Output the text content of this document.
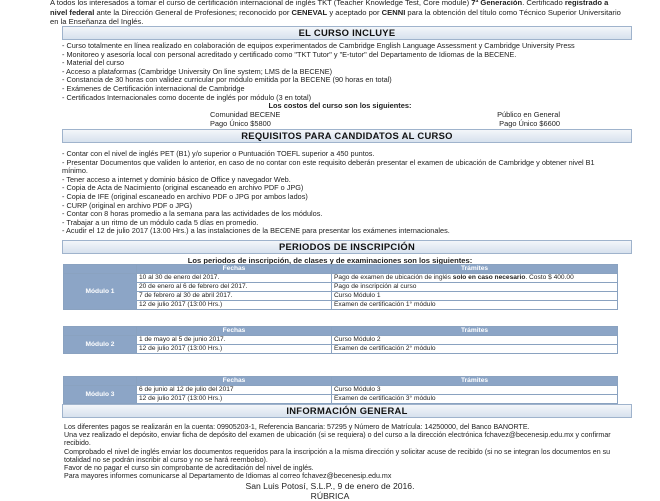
A todos los interesados a tomar el curso de certificación internacional de inglés TKT (Teacher Knowledge Test, Core module) 7ª Generación. Certificado registrado a nivel federal ante la Dirección General de Profesiones; reconocido por CENEVAL y aceptado por CENNI para la obtención del título como Técnico Superior Universitario en la Enseñanza del Inglés.
EL CURSO INCLUYE
- Curso totalmente en línea realizado en colaboración de equipos experimentados de Cambridge English Language Assessment y Cambridge University Press
- Monitoreo y asesoría local con personal acreditado y certificado como "TKT Tutor" y "E-tutor" del Departamento de Idiomas de la BECENE.
- Material del curso
- Acceso a plataformas (Cambridge University On line system; LMS de la BECENE)
- Constancia de 30 horas con validez curricular por módulo emitida por la BECENE (90 horas en total)
- Exámenes de Certificación internacional de Cambridge
- Certificados Internacionales como docente de inglés por módulo (3 en total)
Los costos del curso son los siguientes:
Comunidad BECENE	Público en General
Pago Único $5800	Pago Único $6600
REQUISITOS PARA CANDIDATOS AL CURSO
- Contar con el nivel de inglés PET (B1) y/o superior o Puntuación TOEFL superior a 450 puntos.
- Presentar Documentos que validen lo anterior, en caso de no contar con este requisito deberán presentar el examen de ubicación de Cambridge y obtener nivel B1 mínimo.
- Tener acceso a internet y dominio básico de Office y navegador Web.
- Copia de Acta de Nacimiento (original escaneado en archivo PDF o JPG)
- Copia de IFE (original escaneado en archivo PDF o JPG por ambos lados)
- CURP (original en archivo PDF o JPG)
- Contar con 8 horas promedio a la semana para las actividades de los módulos.
- Trabajar a un ritmo de un módulo cada 5 días en promedio.
- Acudir el 12 de julio 2017 (13:00 Hrs.) a las instalaciones de la BECENE para presentar los exámenes internacionales.
PERIODOS DE INSCRIPCIÓN
Los periodos de inscripción, de clases y de examinaciones son los siguientes:
	Fechas	Trámites
Módulo 1	10 al 30 de enero del 2017.	Pago de examen de ubicación de inglés solo en caso necesario. Costo $ 400.00
	20 de enero al 6 de febrero del 2017.	Pago de inscripción al curso
	7 de febrero al 30 de abril 2017.	Curso Módulo 1
	12 de julio 2017 (13:00 Hrs.)	Examen de certificación 1° módulo
	Fechas	Trámites
Módulo 2	1 de mayo al 5 de junio 2017.	Curso Módulo 2
	12 de julio 2017 (13:00 Hrs.)	Examen de certificación 2° módulo
	Fechas	Trámites
Módulo 3	6 de junio al 12 de julio del 2017	Curso Módulo 3
	12 de julio 2017 (13:00 Hrs.)	Examen de certificación 3° módulo
INFORMACIÓN GENERAL
Los diferentes pagos se realizarán en la cuenta: 09905203-1, Referencia Bancaria: 57295 y Número de Matrícula: 14250000, del Banco BANORTE.
Una vez realizado el depósito, enviar ficha de depósito del examen de ubicación (si se requiera) o del curso a la dirección electrónica fchavez@becenesip.edu.mx y confirmar recibido.
Comprobado el nivel de inglés enviar los documentos requeridos para la inscripción a la misma dirección y solicitar acuse de recibido (si no se integran los documentos en su totalidad no se podrán inscribir al curso y no se hará reembolso).
Favor de no pagar el curso sin comprobante de acreditación del nivel de inglés.
Para mayores informes comunicarse al Departamento de Idiomas al correo fchavez@becenesip.edu.mx
San Luis Potosí, S.L.P., 9 de enero de 2016.
RÚBRICA
